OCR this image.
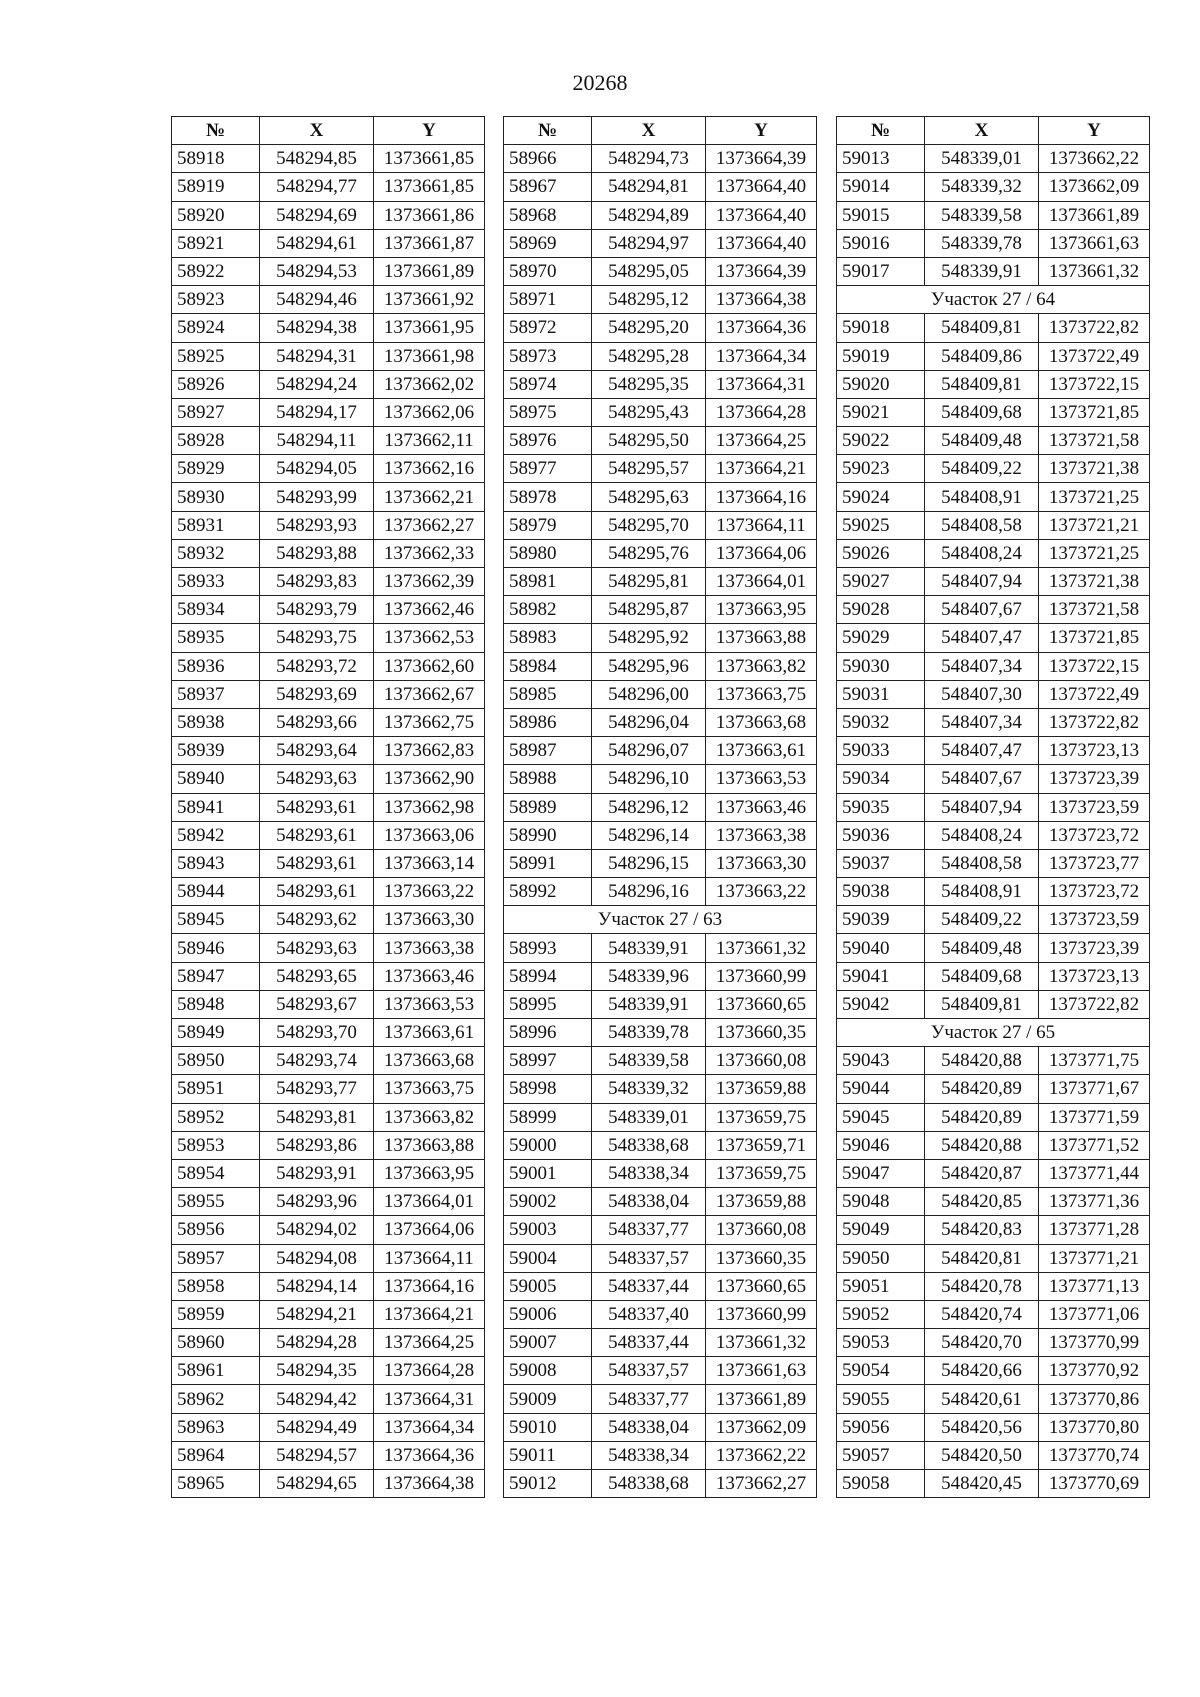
20268
№	X	Y
58918	548294,85	1373661,85
58919	548294,77	1373661,85
58920	548294,69	1373661,86
58921	548294,61	1373661,87
58922	548294,53	1373661,89
58923	548294,46	1373661,92
58924	548294,38	1373661,95
58925	548294,31	1373661,98
58926	548294,24	1373662,02
58927	548294,17	1373662,06
58928	548294,11	1373662,11
58929	548294,05	1373662,16
58930	548293,99	1373662,21
58931	548293,93	1373662,27
58932	548293,88	1373662,33
58933	548293,83	1373662,39
58934	548293,79	1373662,46
58935	548293,75	1373662,53
58936	548293,72	1373662,60
58937	548293,69	1373662,67
58938	548293,66	1373662,75
58939	548293,64	1373662,83
58940	548293,63	1373662,90
58941	548293,61	1373662,98
58942	548293,61	1373663,06
58943	548293,61	1373663,14
58944	548293,61	1373663,22
58945	548293,62	1373663,30
58946	548293,63	1373663,38
58947	548293,65	1373663,46
58948	548293,67	1373663,53
58949	548293,70	1373663,61
58950	548293,74	1373663,68
58951	548293,77	1373663,75
58952	548293,81	1373663,82
58953	548293,86	1373663,88
58954	548293,91	1373663,95
58955	548293,96	1373664,01
58956	548294,02	1373664,06
58957	548294,08	1373664,11
58958	548294,14	1373664,16
58959	548294,21	1373664,21
58960	548294,28	1373664,25
58961	548294,35	1373664,28
58962	548294,42	1373664,31
58963	548294,49	1373664,34
58964	548294,57	1373664,36
58965	548294,65	1373664,38
№	X	Y
58966	548294,73	1373664,39
58967	548294,81	1373664,40
58968	548294,89	1373664,40
58969	548294,97	1373664,40
58970	548295,05	1373664,39
58971	548295,12	1373664,38
58972	548295,20	1373664,36
58973	548295,28	1373664,34
58974	548295,35	1373664,31
58975	548295,43	1373664,28
58976	548295,50	1373664,25
58977	548295,57	1373664,21
58978	548295,63	1373664,16
58979	548295,70	1373664,11
58980	548295,76	1373664,06
58981	548295,81	1373664,01
58982	548295,87	1373663,95
58983	548295,92	1373663,88
58984	548295,96	1373663,82
58985	548296,00	1373663,75
58986	548296,04	1373663,68
58987	548296,07	1373663,61
58988	548296,10	1373663,53
58989	548296,12	1373663,46
58990	548296,14	1373663,38
58991	548296,15	1373663,30
58992	548296,16	1373663,22
Участок 27 / 63		
58993	548339,91	1373661,32
58994	548339,96	1373660,99
58995	548339,91	1373660,65
58996	548339,78	1373660,35
58997	548339,58	1373660,08
58998	548339,32	1373659,88
58999	548339,01	1373659,75
59000	548338,68	1373659,71
59001	548338,34	1373659,75
59002	548338,04	1373659,88
59003	548337,77	1373660,08
59004	548337,57	1373660,35
59005	548337,44	1373660,65
59006	548337,40	1373660,99
59007	548337,44	1373661,32
59008	548337,57	1373661,63
59009	548337,77	1373661,89
59010	548338,04	1373662,09
59011	548338,34	1373662,22
59012	548338,68	1373662,27
№	X	Y
59013	548339,01	1373662,22
59014	548339,32	1373662,09
59015	548339,58	1373661,89
59016	548339,78	1373661,63
59017	548339,91	1373661,32
Участок 27 / 64		
59018	548409,81	1373722,82
59019	548409,86	1373722,49
59020	548409,81	1373722,15
59021	548409,68	1373721,85
59022	548409,48	1373721,58
59023	548409,22	1373721,38
59024	548408,91	1373721,25
59025	548408,58	1373721,21
59026	548408,24	1373721,25
59027	548407,94	1373721,38
59028	548407,67	1373721,58
59029	548407,47	1373721,85
59030	548407,34	1373722,15
59031	548407,30	1373722,49
59032	548407,34	1373722,82
59033	548407,47	1373723,13
59034	548407,67	1373723,39
59035	548407,94	1373723,59
59036	548408,24	1373723,72
59037	548408,58	1373723,77
59038	548408,91	1373723,72
59039	548409,22	1373723,59
59040	548409,48	1373723,39
59041	548409,68	1373723,13
59042	548409,81	1373722,82
Участок 27 / 65		
59043	548420,88	1373771,75
59044	548420,89	1373771,67
59045	548420,89	1373771,59
59046	548420,88	1373771,52
59047	548420,87	1373771,44
59048	548420,85	1373771,36
59049	548420,83	1373771,28
59050	548420,81	1373771,21
59051	548420,78	1373771,13
59052	548420,74	1373771,06
59053	548420,70	1373770,99
59054	548420,66	1373770,92
59055	548420,61	1373770,86
59056	548420,56	1373770,80
59057	548420,50	1373770,74
59058	548420,45	1373770,69
